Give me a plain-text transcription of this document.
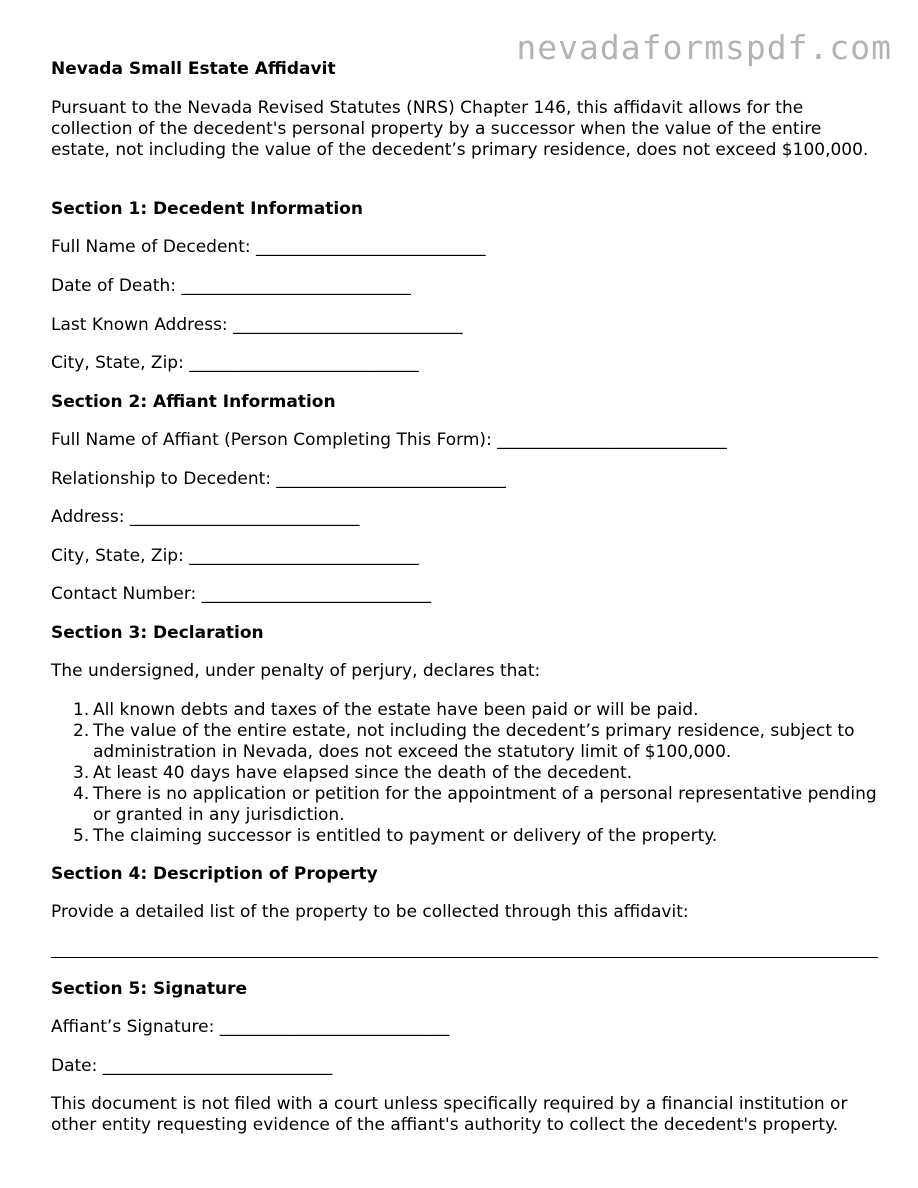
nevadaformspdf.com
Nevada Small Estate Affidavit
Pursuant to the Nevada Revised Statutes (NRS) Chapter 146, this affidavit allows for the collection of the decedent's personal property by a successor when the value of the entire estate, not including the value of the decedent’s primary residence, does not exceed $100,000.
Section 1: Decedent Information
Full Name of Decedent: ___________________________
Date of Death: ___________________________
Last Known Address: ___________________________
City, State, Zip: ___________________________
Section 2: Affiant Information
Full Name of Affiant (Person Completing This Form): ___________________________
Relationship to Decedent: ___________________________
Address: ___________________________
City, State, Zip: ___________________________
Contact Number: ___________________________
Section 3: Declaration
The undersigned, under penalty of perjury, declares that:
1. All known debts and taxes of the estate have been paid or will be paid.
2. The value of the entire estate, not including the decedent’s primary residence, subject to administration in Nevada, does not exceed the statutory limit of $100,000.
3. At least 40 days have elapsed since the death of the decedent.
4. There is no application or petition for the appointment of a personal representative pending or granted in any jurisdiction.
5. The claiming successor is entitled to payment or delivery of the property.
Section 4: Description of Property
Provide a detailed list of the property to be collected through this affidavit:
Section 5: Signature
Affiant’s Signature: ___________________________
Date: ___________________________
This document is not filed with a court unless specifically required by a financial institution or other entity requesting evidence of the affiant's authority to collect the decedent's property.
